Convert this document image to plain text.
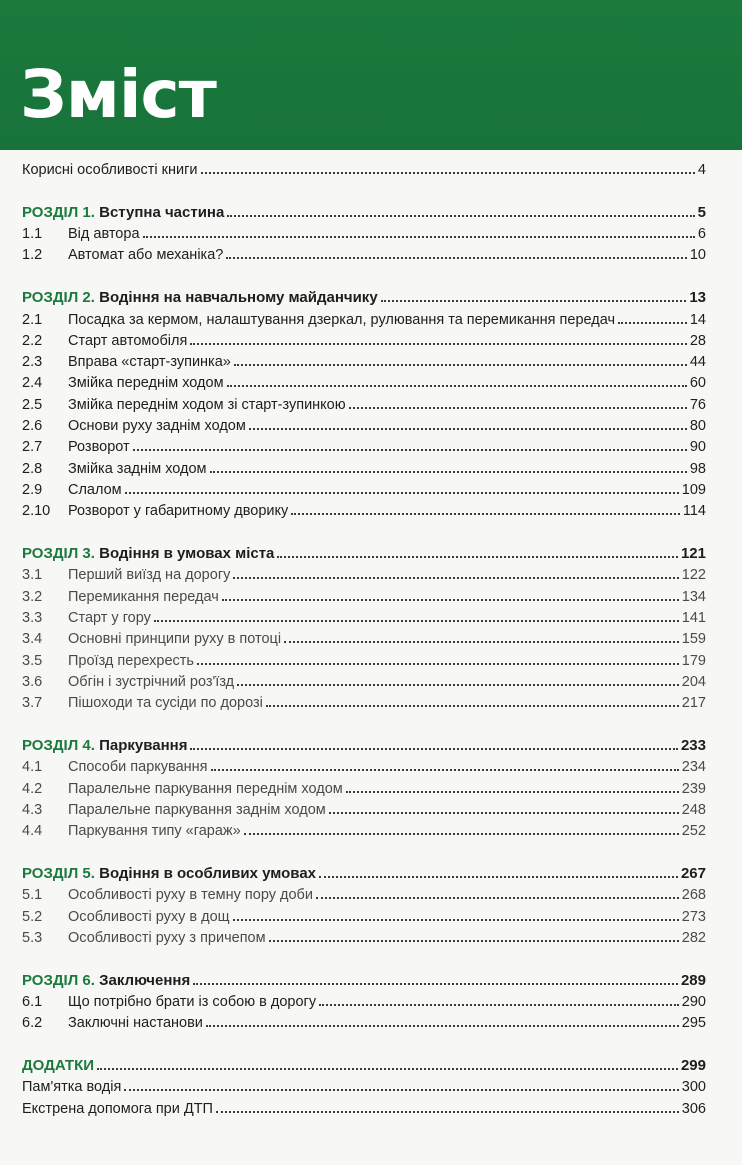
Зміст
Корисні особливості книги	4
РОЗДІЛ 1. Вступна частина	5
1.1	Від автора	6
1.2	Автомат або механіка?	10
РОЗДІЛ 2. Водіння на навчальному майданчику	13
2.1	Посадка за кермом, налаштування дзеркал, рулювання та перемикання передач	14
2.2	Старт автомобіля	28
2.3	Вправа «старт-зупинка»	44
2.4	Змійка переднім ходом	60
2.5	Змійка переднім ходом зі старт-зупинкою	76
2.6	Основи руху заднім ходом	80
2.7	Розворот	90
2.8	Змійка заднім ходом	98
2.9	Слалом	109
2.10	Розворот у габаритному дворику	114
РОЗДІЛ 3. Водіння в умовах міста	121
3.1	Перший виїзд на дорогу	122
3.2	Перемикання передач	134
3.3	Старт у гору	141
3.4	Основні принципи руху в потоці	159
3.5	Проїзд перехресть	179
3.6	Обгін і зустрічний роз'їзд	204
3.7	Пішоходи та сусіди по дорозі	217
РОЗДІЛ 4. Паркування	233
4.1	Способи паркування	234
4.2	Паралельне паркування переднім ходом	239
4.3	Паралельне паркування заднім ходом	248
4.4	Паркування типу «гараж»	252
РОЗДІЛ 5. Водіння в особливих умовах	267
5.1	Особливості руху в темну пору доби	268
5.2	Особливості руху в дощ	273
5.3	Особливості руху з причепом	282
РОЗДІЛ 6. Заключення	289
6.1	Що потрібно брати із собою в дорогу	290
6.2	Заключні настанови	295
ДОДАТКИ	299
Пам'ятка водія	300
Екстрена допомога при ДТП	306
